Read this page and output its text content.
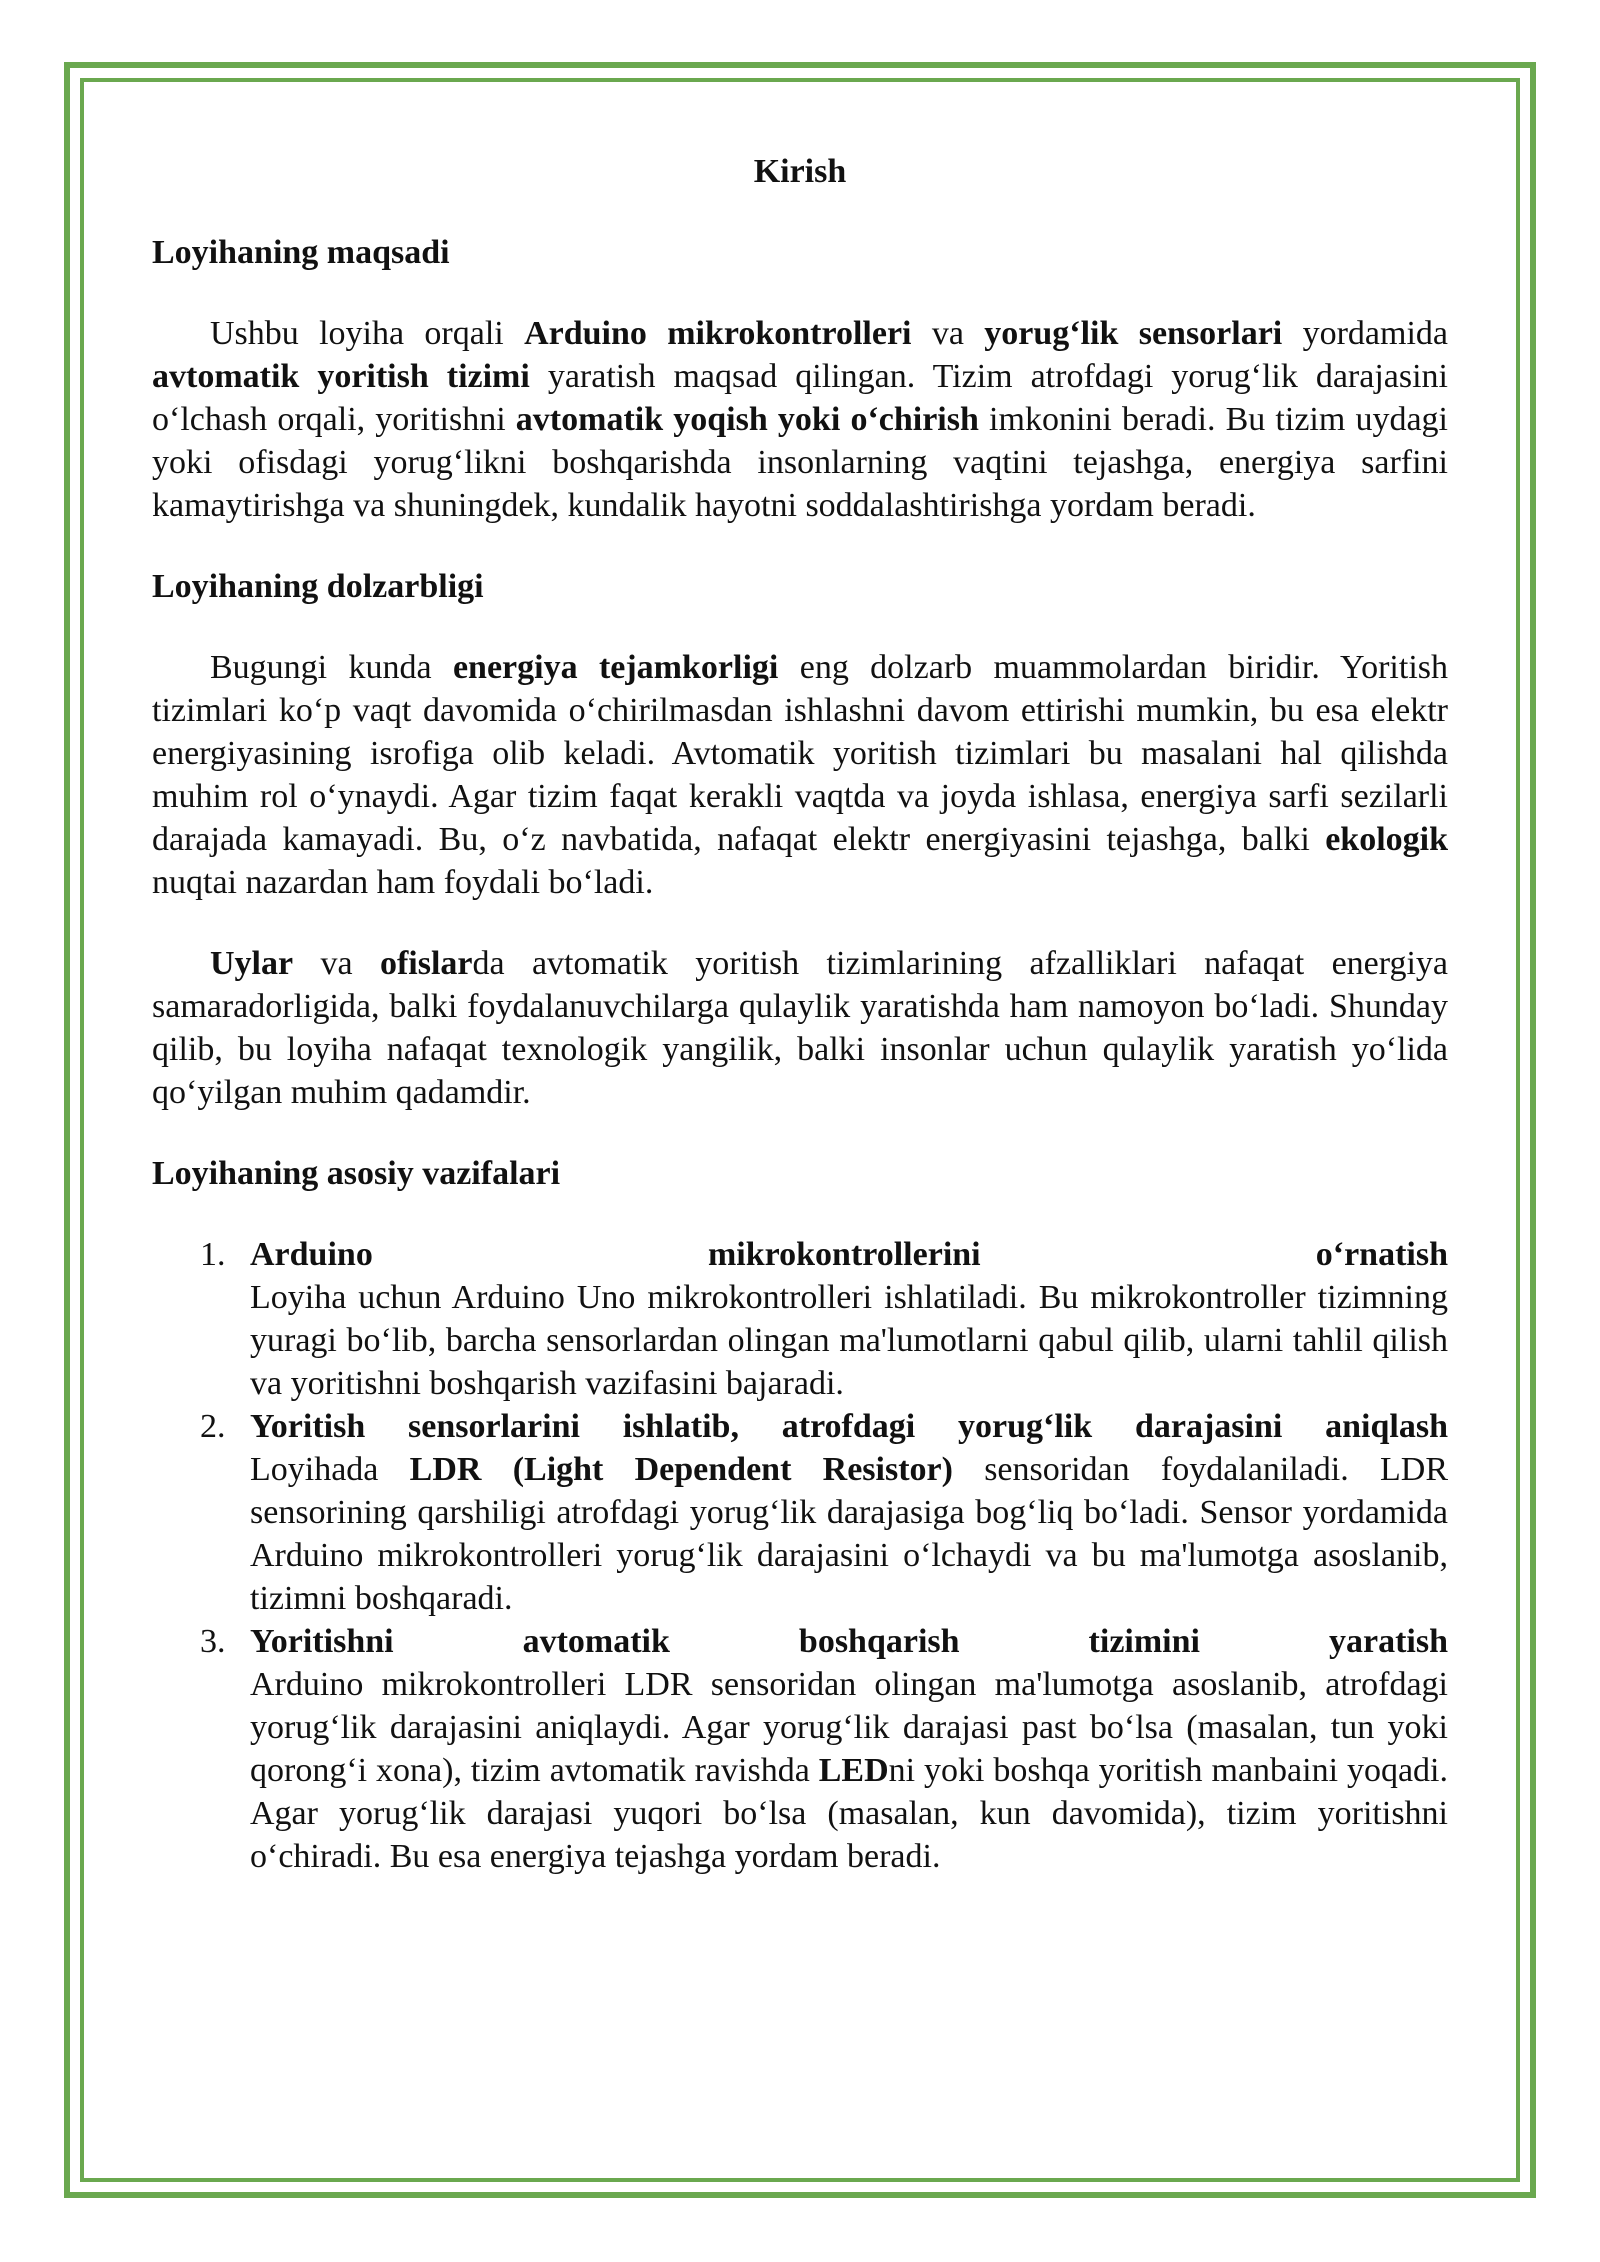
Kirish
Loyihaning maqsadi

Ushbu loyiha orqali Arduino mikrokontrolleri va yorug‘lik sensorlari yordamida avtomatik yoritish tizimi yaratish maqsad qilingan. Tizim atrofdagi yorug‘lik darajasini o‘lchash orqali, yoritishni avtomatik yoqish yoki o‘chirish imkonini beradi. Bu tizim uydagi yoki ofisdagi yorug‘likni boshqarishda insonlarning vaqtini tejashga, energiya sarfini kamaytirishga va shuningdek, kundalik hayotni soddalashtirishga yordam beradi.

Loyihaning dolzarbligi

Bugungi kunda energiya tejamkorligi eng dolzarb muammolardan biridir. Yoritish tizimlari ko‘p vaqt davomida o‘chirilmasdan ishlashni davom ettirishi mumkin, bu esa elektr energiyasining isrofiga olib keladi. Avtomatik yoritish tizimlari bu masalani hal qilishda muhim rol o‘ynaydi. Agar tizim faqat kerakli vaqtda va joyda ishlasa, energiya sarfi sezilarli darajada kamayadi. Bu, o‘z navbatida, nafaqat elektr energiyasini tejashga, balki ekologik nuqtai nazardan ham foydali bo‘ladi.

Uylar va ofislarda avtomatik yoritish tizimlarining afzalliklari nafaqat energiya samaradorligida, balki foydalanuvchilarga qulaylik yaratishda ham namoyon bo‘ladi. Shunday qilib, bu loyiha nafaqat texnologik yangilik, balki insonlar uchun qulaylik yaratish yo‘lida qo‘yilgan muhim qadamdir.

Loyihaning asosiy vazifalari
1. Arduino mikrokontrollerini o‘rnatish
Loyiha uchun Arduino Uno mikrokontrolleri ishlatiladi. Bu mikrokontroller tizimning yuragi bo‘lib, barcha sensorlardan olingan ma'lumotlarni qabul qilib, ularni tahlil qilish va yoritishni boshqarish vazifasini bajaradi.
2. Yoritish sensorlarini ishlatib, atrofdagi yorug‘lik darajasini aniqlash
Loyihada LDR (Light Dependent Resistor) sensoridan foydalaniladi. LDR sensorining qarshiligi atrofdagi yorug‘lik darajasiga bog‘liq bo‘ladi. Sensor yordamida Arduino mikrokontrolleri yorug‘lik darajasini o‘lchaydi va bu ma'lumotga asoslanib, tizimni boshqaradi.
3. Yoritishni avtomatik boshqarish tizimini yaratish
Arduino mikrokontrolleri LDR sensoridan olingan ma'lumotga asoslanib, atrofdagi yorug‘lik darajasini aniqlaydi. Agar yorug‘lik darajasi past bo‘lsa (masalan, tun yoki qorong‘i xona), tizim avtomatik ravishda LEDni yoki boshqa yoritish manbaini yoqadi. Agar yorug‘lik darajasi yuqori bo‘lsa (masalan, kun davomida), tizim yoritishni o‘chiradi. Bu esa energiya tejashga yordam beradi.
